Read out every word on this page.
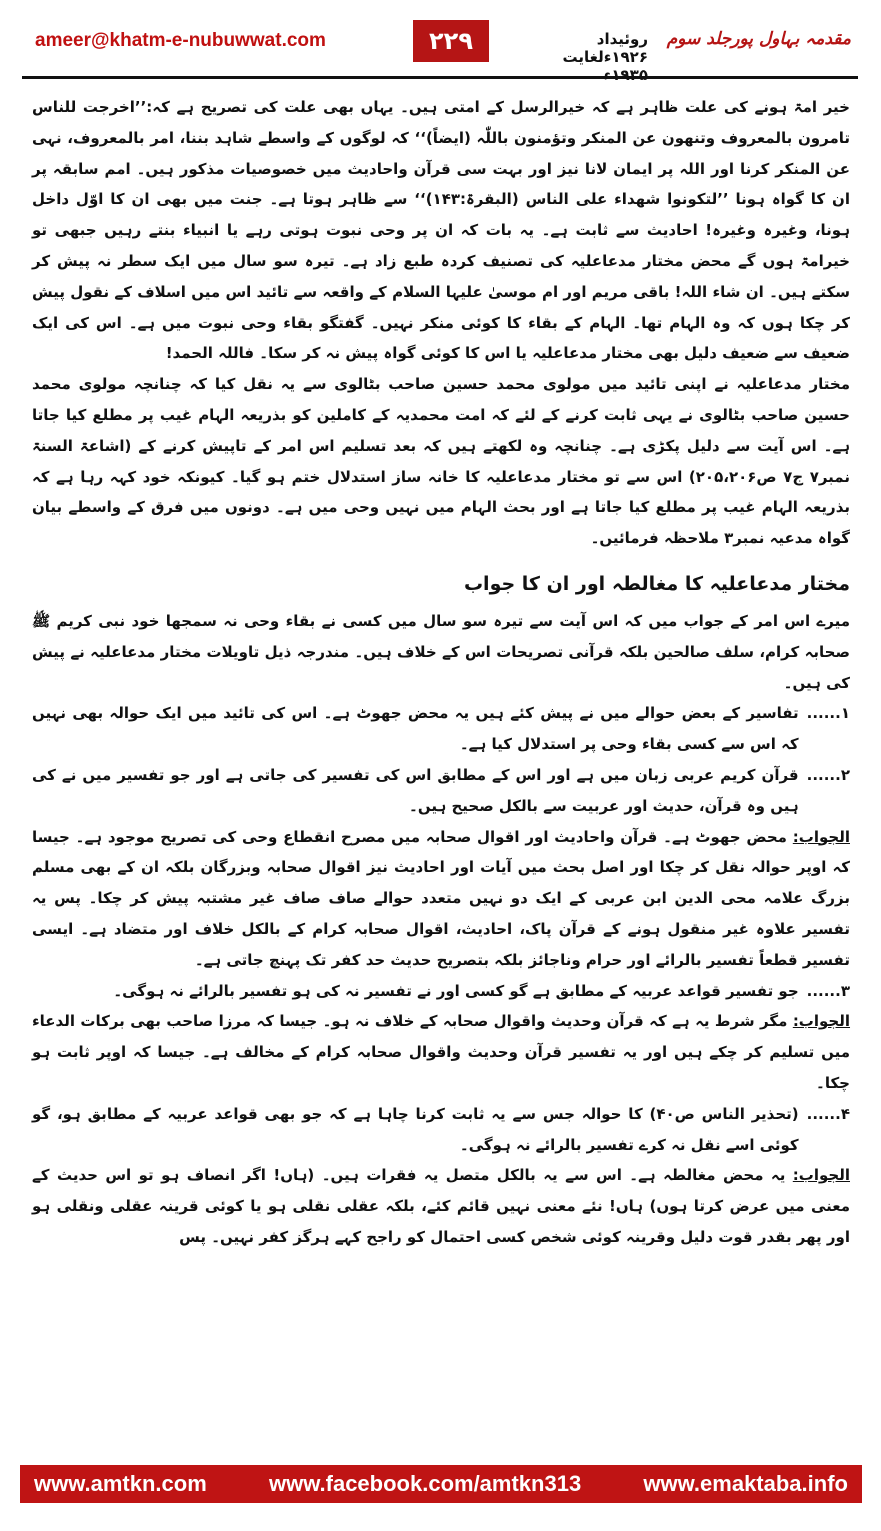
ameer@khatm-e-nubuwwat.com	۲۲۹	روئیداد ۱۹۲۶ءلغایت ۱۹۳۵ء
مقدمہ بہاول پورجلد سوم

خیر امۃ ہونے کی علت ظاہر ہے کہ خیرالرسل کے امتی ہیں۔ یہاں بھی علت کی تصریح ہے کہ:’’اخرجت للناس تامرون بالمعروف وتنھون عن المنکر وتؤمنون باللّٰہ (ایضاً)‘‘ کہ لوگوں کے واسطے شاہد بننا، امر بالمعروف، نہی عن المنکر کرنا اور اللہ پر ایمان لانا نیز اور بہت سی قرآن واحادیث میں خصوصیات مذکور ہیں۔ امم سابقہ پر ان کا گواہ ہونا ’’لتکونوا شھداء علی الناس (البقرۃ:۱۴۳)‘‘ سے ظاہر ہوتا ہے۔ جنت میں بھی ان کا اوّل داخل ہونا، وغیرہ وغیرہ! احادیث سے ثابت ہے۔ یہ بات کہ ان پر وحی نبوت ہوتی رہے یا انبیاء بنتے رہیں جبھی تو خیرامۃ ہوں گے محض مختار مدعاعلیہ کی تصنیف کردہ طبع زاد ہے۔ تیرہ سو سال میں ایک سطر نہ پیش کر سکتے ہیں۔ ان شاء اللہ! باقی مریم اور ام موسیٰ علیہا السلام کے واقعہ سے تائید اس میں اسلاف کے نقول پیش کر چکا ہوں کہ وہ الہام تھا۔ الہام کے بقاء کا کوئی منکر نہیں۔ گفتگو بقاء وحی نبوت میں ہے۔ اس کی ایک ضعیف سے ضعیف دلیل بھی مختار مدعاعلیہ یا اس کا کوئی گواہ پیش نہ کر سکا۔ فاللہ الحمد!

مختار مدعاعلیہ نے اپنی تائید میں مولوی محمد حسین صاحب بٹالوی سے یہ نقل کیا کہ چنانچہ مولوی محمد حسین صاحب بٹالوی نے یہی ثابت کرنے کے لئے کہ امت محمدیہ کے کاملین کو بذریعہ الہام غیب پر مطلع کیا جاتا ہے۔ اس آیت سے دلیل پکڑی ہے۔ چنانچہ وہ لکھتے ہیں کہ بعد تسلیم اس امر کے تاپیش کرنے کے (اشاعۃ السنۃ نمبر۷ ج۷ ص۲۰۵،۲۰۶) اس سے تو مختار مدعاعلیہ کا خانہ ساز استدلال ختم ہو گیا۔ کیونکہ خود کہہ رہا ہے کہ بذریعہ الہام غیب پر مطلع کیا جاتا ہے اور بحث الہام میں نہیں وحی میں ہے۔ دونوں میں فرق کے واسطے بیان گواہ مدعیہ نمبر۳ ملاحظہ فرمائیں۔

مختار مدعاعلیہ کا مغالطہ اور ان کا جواب

میرے اس امر کے جواب میں کہ اس آیت سے تیرہ سو سال میں کسی نے بقاء وحی نہ سمجھا خود نبی کریم ﷺ صحابہ کرام، سلف صالحین بلکہ قرآنی تصریحات اس کے خلاف ہیں۔ مندرجہ ذیل تاویلات مختار مدعاعلیہ نے پیش کی ہیں۔

۱......
تفاسیر کے بعض حوالے میں نے پیش کئے ہیں یہ محض جھوٹ ہے۔ اس کی تائید میں ایک حوالہ بھی نہیں کہ اس سے کسی بقاء وحی پر استدلال کیا ہے۔
۲......
قرآن کریم عربی زبان میں ہے اور اس کے مطابق اس کی تفسیر کی جاتی ہے اور جو تفسیر میں نے کی ہیں وہ قرآن، حدیث اور عربیت سے بالکل صحیح ہیں۔

الجواب: محض جھوٹ ہے۔ قرآن واحادیث اور اقوال صحابہ میں مصرح انقطاع وحی کی تصریح موجود ہے۔ جیسا کہ اوپر حوالہ نقل کر چکا اور اصل بحث میں آیات اور احادیث نیز اقوال صحابہ وبزرگان بلکہ ان کے بھی مسلم بزرگ علامہ محی الدین ابن عربی کے ایک دو نہیں متعدد حوالے صاف صاف غیر مشتبہ پیش کر چکا۔ پس یہ تفسیر علاوہ غیر منقول ہونے کے قرآن پاک، احادیث، اقوال صحابہ کرام کے بالکل خلاف اور متضاد ہے۔ ایسی تفسیر قطعاً تفسیر بالرائے اور حرام وناجائز بلکہ بتصریح حدیث حد کفر تک پہنچ جاتی ہے۔

۳......
جو تفسیر قواعد عربیہ کے مطابق ہے گو کسی اور نے تفسیر نہ کی ہو تفسیر بالرائے نہ ہوگی۔

الجواب: مگر شرط یہ ہے کہ قرآن وحدیث واقوال صحابہ کے خلاف نہ ہو۔ جیسا کہ مرزا صاحب بھی برکات الدعاء میں تسلیم کر چکے ہیں اور یہ تفسیر قرآن وحدیث واقوال صحابہ کرام کے مخالف ہے۔ جیسا کہ اوپر ثابت ہو چکا۔

۴......
(تحذیر الناس ص۴۰) کا حوالہ جس سے یہ ثابت کرنا چاہا ہے کہ جو بھی قواعد عربیہ کے مطابق ہو، گو کوئی اسے نقل نہ کرے تفسیر بالرائے نہ ہوگی۔

الجواب: یہ محض مغالطہ ہے۔ اس سے یہ بالکل متصل یہ فقرات ہیں۔ (ہاں! اگر انصاف ہو تو اس حدیث کے معنی میں عرض کرتا ہوں) ہاں! نئے معنی نہیں قائم کئے، بلکہ عقلی نقلی ہو یا کوئی قرینہ عقلی ونقلی ہو اور پھر بقدر قوت دلیل وقرینہ کوئی شخص کسی احتمال کو راجح کہے ہرگز کفر نہیں۔ پس

www.amtkn.com	www.facebook.com/amtkn313	www.emaktaba.info
